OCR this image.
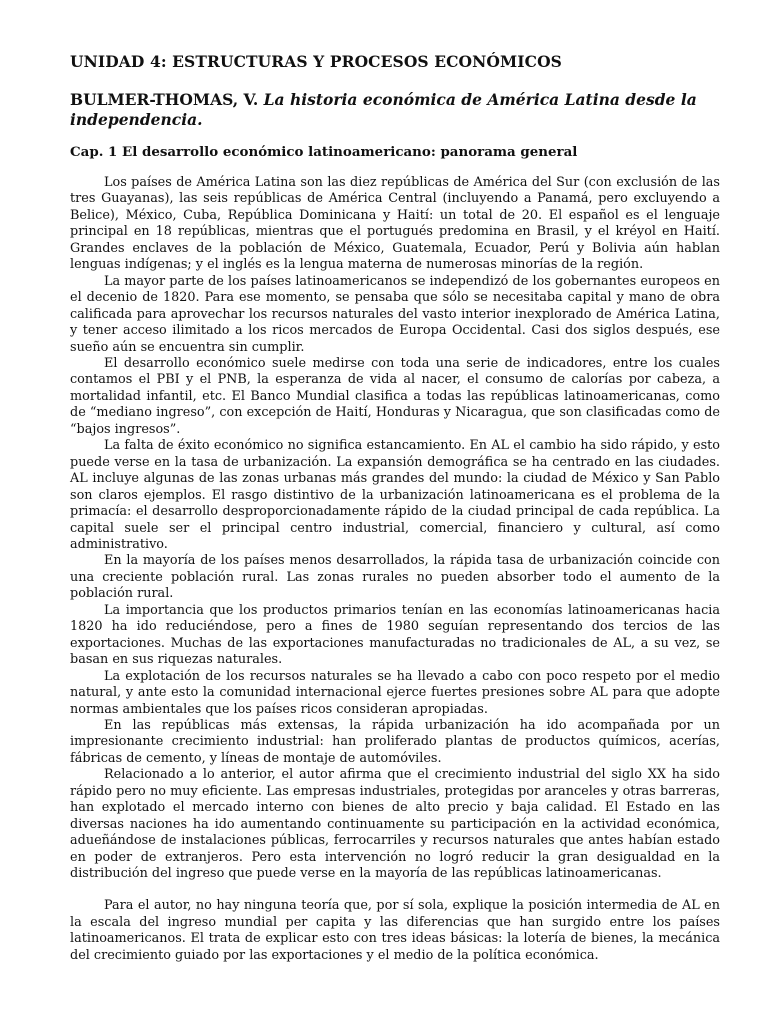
UNIDAD 4: ESTRUCTURAS Y PROCESOS ECONÓMICOS
BULMER-THOMAS, V. La historia económica de América Latina desde la independencia.
Cap. 1 El desarrollo económico latinoamericano: panorama general

Los países de América Latina son las diez repúblicas de América del Sur (con exclusión de las tres Guayanas), las seis repúblicas de América Central (incluyendo a Panamá, pero excluyendo a Belice), México, Cuba, República Dominicana y Haití: un total de 20. El español es el lenguaje principal en 18 repúblicas, mientras que el portugués predomina en Brasil, y el kréyol en Haití. Grandes enclaves de la población de México, Guatemala, Ecuador, Perú y Bolivia aún hablan lenguas indígenas; y el inglés es la lengua materna de numerosas minorías de la región.

La mayor parte de los países latinoamericanos se independizó de los gobernantes europeos en el decenio de 1820. Para ese momento, se pensaba que sólo se necesitaba capital y mano de obra calificada para aprovechar los recursos naturales del vasto interior inexplorado de América Latina, y tener acceso ilimitado a los ricos mercados de Europa Occidental. Casi dos siglos después, ese sueño aún se encuentra sin cumplir.

El desarrollo económico suele medirse con toda una serie de indicadores, entre los cuales contamos el PBI y el PNB, la esperanza de vida al nacer, el consumo de calorías por cabeza, a mortalidad infantil, etc. El Banco Mundial clasifica a todas las repúblicas latinoamericanas, como de “mediano ingreso”, con excepción de Haití, Honduras y Nicaragua, que son clasificadas como de “bajos ingresos”.

La falta de éxito económico no significa estancamiento. En AL el cambio ha sido rápido, y esto puede verse en la tasa de urbanización. La expansión demográfica se ha centrado en las ciudades. AL incluye algunas de las zonas urbanas más grandes del mundo: la ciudad de México y San Pablo son claros ejemplos. El rasgo distintivo de la urbanización latinoamericana es el problema de la primacía: el desarrollo desproporcionadamente rápido de la ciudad principal de cada república. La capital suele ser el principal centro industrial, comercial, financiero y cultural, así como administrativo.

En la mayoría de los países menos desarrollados, la rápida tasa de urbanización coincide con una creciente población rural. Las zonas rurales no pueden absorber todo el aumento de la población rural.

La importancia que los productos primarios tenían en las economías latinoamericanas hacia 1820 ha ido reduciéndose, pero a fines de 1980 seguían representando dos tercios de las exportaciones. Muchas de las exportaciones manufacturadas no tradicionales de AL, a su vez, se basan en sus riquezas naturales.

La explotación de los recursos naturales se ha llevado a cabo con poco respeto por el medio natural, y ante esto la comunidad internacional ejerce fuertes presiones sobre AL para que adopte normas ambientales que los países ricos consideran apropiadas.

En las repúblicas más extensas, la rápida urbanización ha ido acompañada por un impresionante crecimiento industrial: han proliferado plantas de productos químicos, acerías, fábricas de cemento, y líneas de montaje de automóviles.

Relacionado a lo anterior, el autor afirma que el crecimiento industrial del siglo XX ha sido rápido pero no muy eficiente. Las empresas industriales, protegidas por aranceles y otras barreras, han explotado el mercado interno con bienes de alto precio y baja calidad. El Estado en las diversas naciones ha ido aumentando continuamente su participación en la actividad económica, adueñándose de instalaciones públicas, ferrocarriles y recursos naturales que antes habían estado en poder de extranjeros. Pero esta intervención no logró reducir la gran desigualdad en la distribución del ingreso que puede verse en la mayoría de las repúblicas latinoamericanas.

Para el autor, no hay ninguna teoría que, por sí sola, explique la posición intermedia de AL en la escala del ingreso mundial per capita y las diferencias que han surgido entre los países latinoamericanos. El trata de explicar esto con tres ideas básicas: la lotería de bienes, la mecánica del crecimiento guiado por las exportaciones y el medio de la política económica.
